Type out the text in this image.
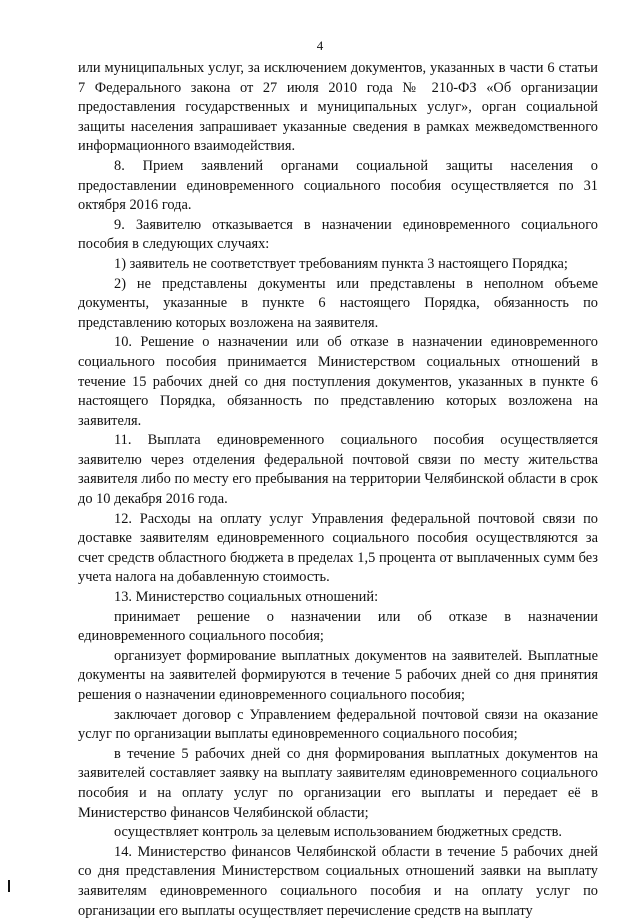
4

или муниципальных услуг, за исключением документов, указанных в части 6 статьи 7 Федерального закона от 27 июля 2010 года № 210-ФЗ «Об организации предоставления государственных и муниципальных услуг», орган социальной защиты населения запрашивает указанные сведения в рамках межведомственного информационного взаимодействия.

8. Прием заявлений органами социальной защиты населения о предоставлении единовременного социального пособия осуществляется по 31 октября 2016 года.

9. Заявителю отказывается в назначении единовременного социального пособия в следующих случаях:

1) заявитель не соответствует требованиям пункта 3 настоящего Порядка;

2) не представлены документы или представлены в неполном объеме документы, указанные в пункте 6 настоящего Порядка, обязанность по представлению которых возложена на заявителя.

10. Решение о назначении или об отказе в назначении единовременного социального пособия принимается Министерством социальных отношений в течение 15 рабочих дней со дня поступления документов, указанных в пункте 6 настоящего Порядка, обязанность по представлению которых возложена на заявителя.

11. Выплата единовременного социального пособия осуществляется заявителю через отделения федеральной почтовой связи по месту жительства заявителя либо по месту его пребывания на территории Челябинской области в срок до 10 декабря 2016 года.

12. Расходы на оплату услуг Управления федеральной почтовой связи по доставке заявителям единовременного социального пособия осуществляются за счет средств областного бюджета в пределах 1,5 процента от выплаченных сумм без учета налога на добавленную стоимость.

13. Министерство социальных отношений:

принимает решение о назначении или об отказе в назначении единовременного социального пособия;

организует формирование выплатных документов на заявителей. Выплатные документы на заявителей формируются в течение 5 рабочих дней со дня принятия решения о назначении единовременного социального пособия;

заключает договор с Управлением федеральной почтовой связи на оказание услуг по организации выплаты единовременного социального пособия;

в течение 5 рабочих дней со дня формирования выплатных документов на заявителей составляет заявку на выплату заявителям единовременного социального пособия и на оплату услуг по организации его выплаты и передает её в Министерство финансов Челябинской области;

осуществляет контроль за целевым использованием бюджетных средств.

14. Министерство финансов Челябинской области в течение 5 рабочих дней со дня представления Министерством социальных отношений заявки на выплату заявителям единовременного социального пособия и на оплату услуг по организации его выплаты осуществляет перечисление средств на выплату
